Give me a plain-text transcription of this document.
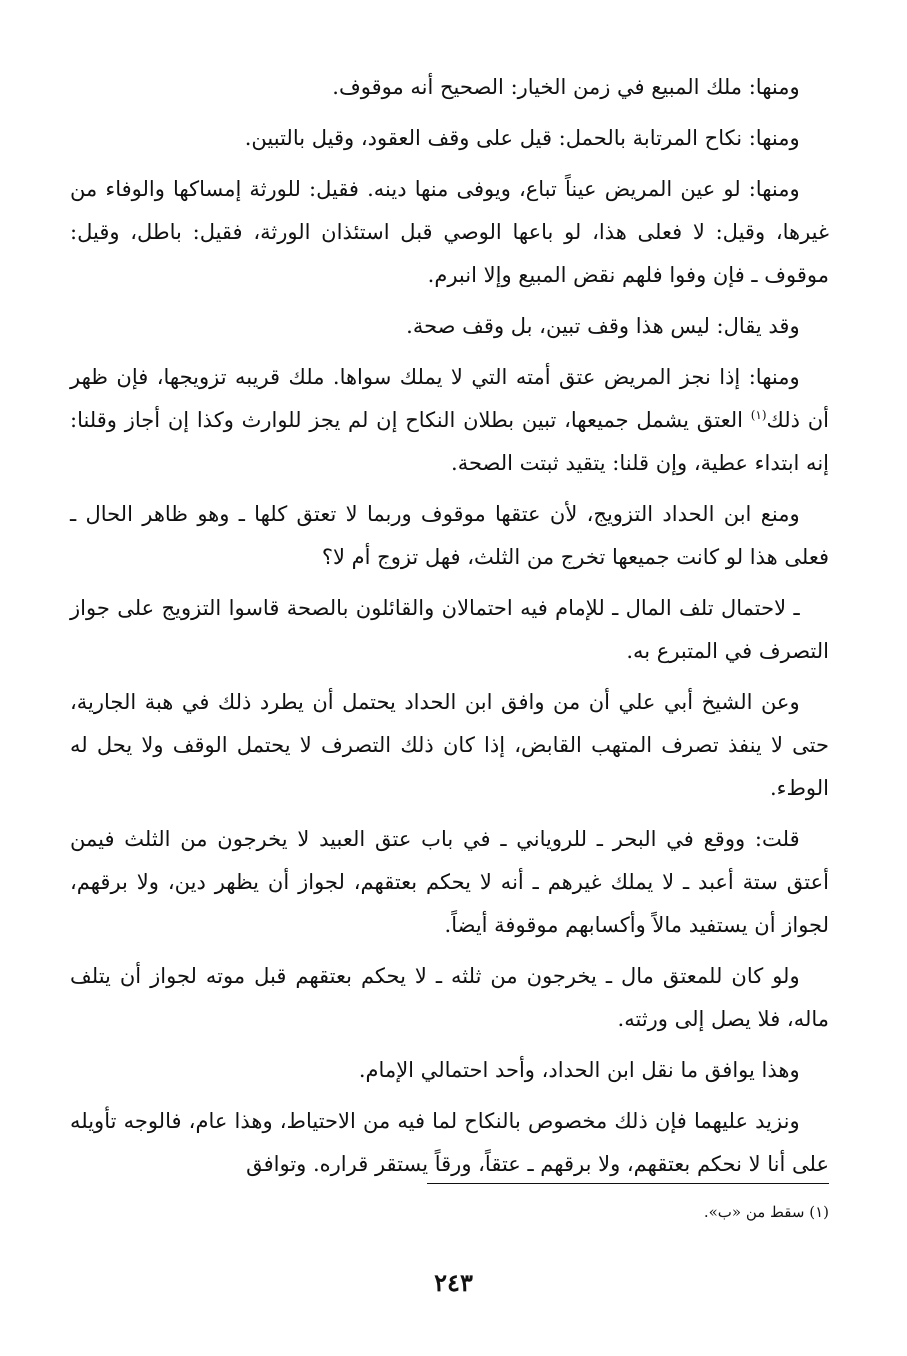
ومنها: ملك المبيع في زمن الخيار: الصحيح أنه موقوف.

ومنها: نكاح المرتابة بالحمل: قيل على وقف العقود، وقيل بالتبين.

ومنها: لو عين المريض عيناً تباع، ويوفى منها دينه. فقيل: للورثة إمساكها والوفاء من غيرها، وقيل: لا فعلى هذا، لو باعها الوصي قبل استئذان الورثة، فقيل: باطل، وقيل: موقوف ـ فإن وفوا فلهم نقض المبيع وإلا انبرم.

وقد يقال: ليس هذا وقف تبين، بل وقف صحة.

ومنها: إذا نجز المريض عتق أمته التي لا يملك سواها. ملك قريبه تزويجها، فإن ظهر أن ذلك$^{(١)}$ العتق يشمل جميعها، تبين بطلان النكاح إن لم يجز للوارث وكذا إن أجاز وقلنا: إنه ابتداء عطية، وإن قلنا: يتقيد ثبتت الصحة.

ومنع ابن الحداد التزويج، لأن عتقها موقوف وربما لا تعتق كلها ـ وهو ظاهر الحال ـ فعلى هذا لو كانت جميعها تخرج من الثلث، فهل تزوج أم لا؟

ـ لاحتمال تلف المال ـ للإمام فيه احتمالان والقائلون بالصحة قاسوا التزويج على جواز التصرف في المتبرع به.

وعن الشيخ أبي علي أن من وافق ابن الحداد يحتمل أن يطرد ذلك في هبة الجارية، حتى لا ينفذ تصرف المتهب القابض، إذا كان ذلك التصرف لا يحتمل الوقف ولا يحل له الوطء.

قلت: ووقع في البحر ـ للروياني ـ في باب عتق العبيد لا يخرجون من الثلث فيمن أعتق ستة أعبد ـ لا يملك غيرهم ـ أنه لا يحكم بعتقهم، لجواز أن يظهر دين، ولا برقهم، لجواز أن يستفيد مالاً وأكسابهم موقوفة أيضاً.

ولو كان للمعتق مال ـ يخرجون من ثلثه ـ لا يحكم بعتقهم قبل موته لجواز أن يتلف ماله، فلا يصل إلى ورثته.

وهذا يوافق ما نقل ابن الحداد، وأحد احتمالي الإمام.

ونزيد عليهما فإن ذلك مخصوص بالنكاح لما فيه من الاحتياط، وهذا عام، فالوجه تأويله على أنا لا نحكم بعتقهم، ولا برقهم ـ عتقاً، ورقاً يستقر قراره. وتوافق

(١) سقط من «ب».
٢٤٣
